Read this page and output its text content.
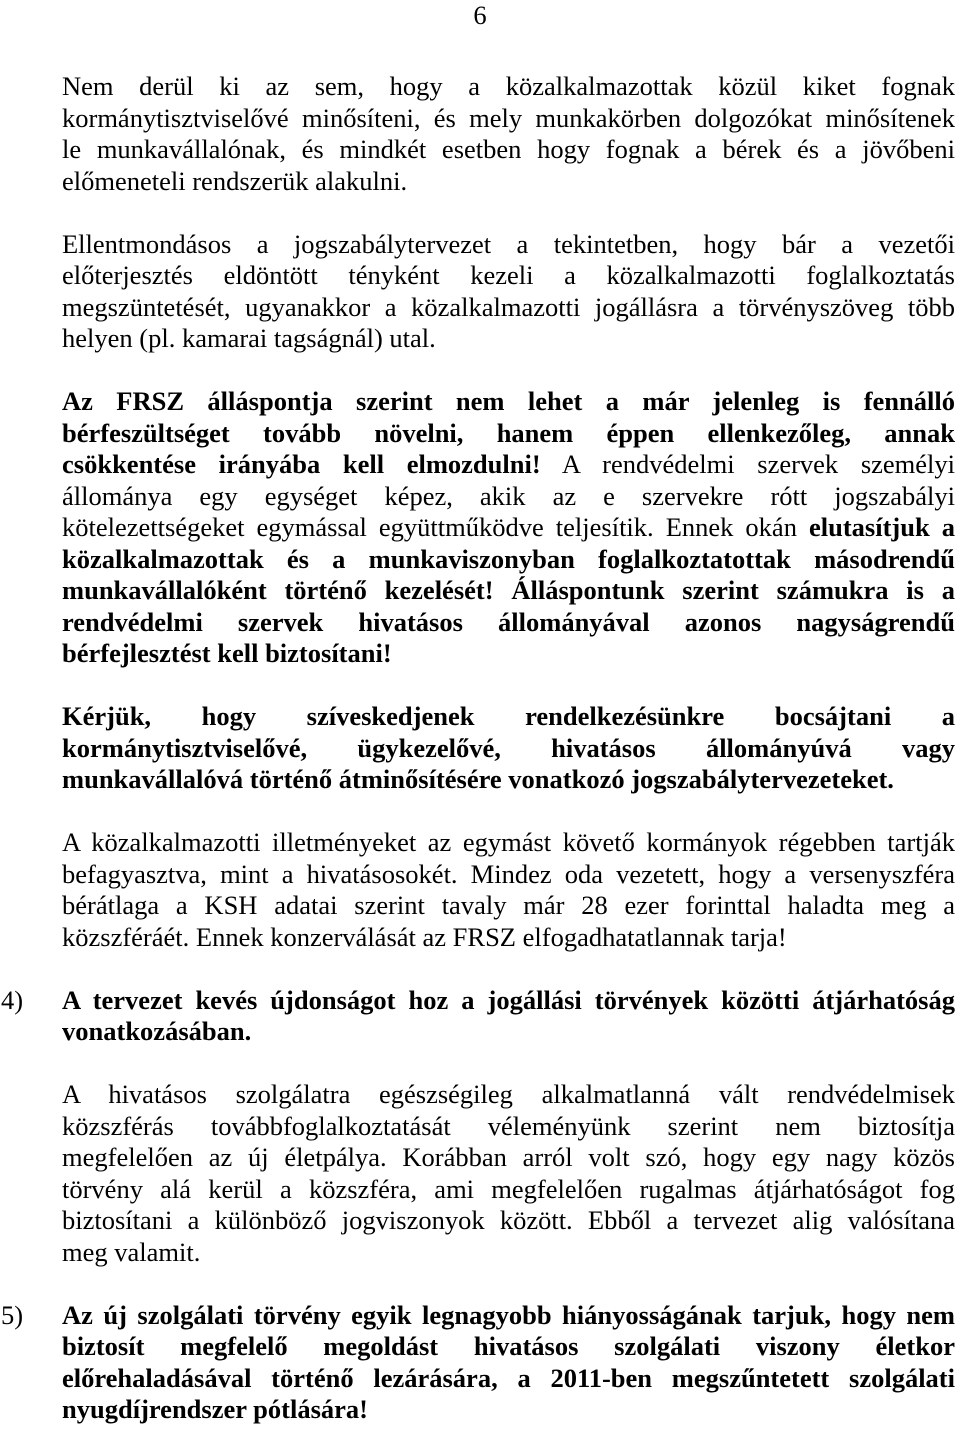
6
Nem derül ki az sem, hogy a közalkalmazottak közül kiket fognak
kormánytisztviselővé minősíteni, és mely munkakörben dolgozókat minősítenek
le munkavállalónak, és mindkét esetben hogy fognak a bérek és a jövőbeni
előmeneteli rendszerük alakulni.
Ellentmondásos a jogszabálytervezet a tekintetben, hogy bár a vezetői
előterjesztés eldöntött tényként kezeli a közalkalmazotti foglalkoztatás
megszüntetését, ugyanakkor a közalkalmazotti jogállásra a törvényszöveg több
helyen (pl. kamarai tagságnál) utal.
Az FRSZ álláspontja szerint nem lehet a már jelenleg is fennálló
bérfeszültséget tovább növelni, hanem éppen ellenkezőleg, annak
csökkentése irányába kell elmozdulni! A rendvédelmi szervek személyi
állománya egy egységet képez, akik az e szervekre rótt jogszabályi
kötelezettségeket egymással együttműködve teljesítik. Ennek okán elutasítjuk a
közalkalmazottak és a munkaviszonyban foglalkoztatottak másodrendű
munkavállalóként történő kezelését! Álláspontunk szerint számukra is a
rendvédelmi szervek hivatásos állományával azonos nagyságrendű
bérfejlesztést kell biztosítani!
Kérjük, hogy szíveskedjenek rendelkezésünkre bocsájtani a
kormánytisztviselővé, ügykezelővé, hivatásos állományúvá vagy
munkavállalóvá történő átminősítésére vonatkozó jogszabálytervezeteket.
A közalkalmazotti illetményeket az egymást követő kormányok régebben tartják
befagyasztva, mint a hivatásosokét. Mindez oda vezetett, hogy a versenyszféra
bérátlaga a KSH adatai szerint tavaly már 28 ezer forinttal haladta meg a
közszféráét. Ennek konzerválását az FRSZ elfogadhatatlannak tarja!
4) A tervezet kevés újdonságot hoz a jogállási törvények közötti átjárhatóság
vonatkozásában.
A hivatásos szolgálatra egészségileg alkalmatlanná vált rendvédelmisek
közszférás továbbfoglalkoztatását véleményünk szerint nem biztosítja
megfelelően az új életpálya. Korábban arról volt szó, hogy egy nagy közös
törvény alá kerül a közszféra, ami megfelelően rugalmas átjárhatóságot fog
biztosítani a különböző jogviszonyok között. Ebből a tervezet alig valósítana
meg valamit.
5) Az új szolgálati törvény egyik legnagyobb hiányosságának tarjuk, hogy nem
biztosít megfelelő megoldást hivatásos szolgálati viszony életkor
előrehaladásával történő lezárására, a 2011-ben megszűntetett szolgálati
nyugdíjrendszer pótlására!
